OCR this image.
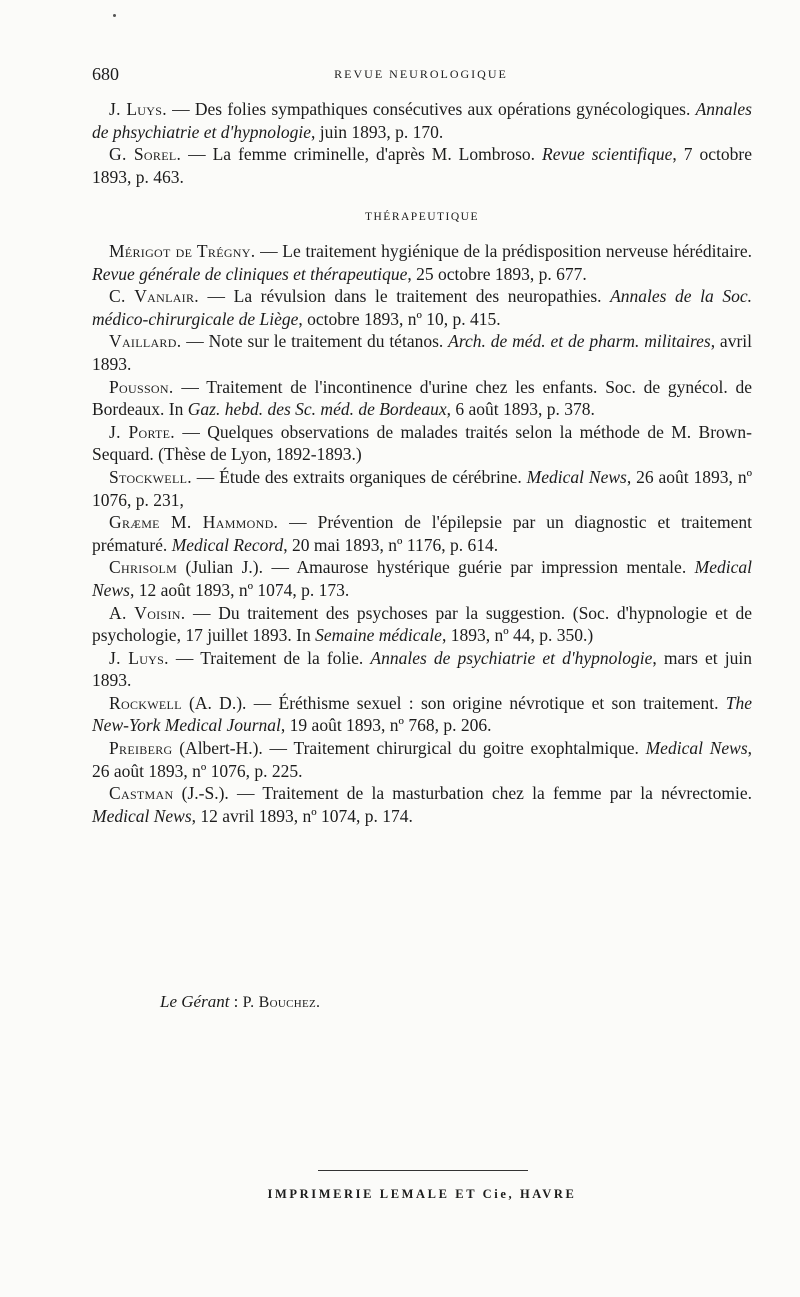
680	REVUE NEUROLOGIQUE

J. Luys. — Des folies sympathiques consécutives aux opérations gynécologiques. Annales de phsychiatrie et d'hypnologie, juin 1893, p. 170.

G. Sorel. — La femme criminelle, d'après M. Lombroso. Revue scientifique, 7 octobre 1893, p. 463.

THÉRAPEUTIQUE

Mérigot de Trégny. — Le traitement hygiénique de la prédisposition nerveuse héréditaire. Revue générale de cliniques et thérapeutique, 25 octobre 1893, p. 677.

C. Vanlair. — La révulsion dans le traitement des neuropathies. Annales de la Soc. médico-chirurgicale de Liège, octobre 1893, nº 10, p. 415.

Vaillard. — Note sur le traitement du tétanos. Arch. de méd. et de pharm. militaires, avril 1893.

Pousson. — Traitement de l'incontinence d'urine chez les enfants. Soc. de gynécol. de Bordeaux. In Gaz. hebd. des Sc. méd. de Bordeaux, 6 août 1893, p. 378.

J. Porte. — Quelques observations de malades traités selon la méthode de M. Brown-Sequard. (Thèse de Lyon, 1892-1893.)

Stockwell. — Étude des extraits organiques de cérébrine. Medical News, 26 août 1893, nº 1076, p. 231,

Græme M. Hammond. — Prévention de l'épilepsie par un diagnostic et traitement prématuré. Medical Record, 20 mai 1893, nº 1176, p. 614.

Chrisolm (Julian J.). — Amaurose hystérique guérie par impression mentale. Medical News, 12 août 1893, nº 1074, p. 173.

A. Voisin. — Du traitement des psychoses par la suggestion. (Soc. d'hypnologie et de psychologie, 17 juillet 1893. In Semaine médicale, 1893, nº 44, p. 350.)

J. Luys. — Traitement de la folie. Annales de psychiatrie et d'hypnologie, mars et juin 1893.

Rockwell (A. D.). — Éréthisme sexuel : son origine névrotique et son traitement. The New-York Medical Journal, 19 août 1893, nº 768, p. 206.

Preiberg (Albert-H.). — Traitement chirurgical du goitre exophtalmique. Medical News, 26 août 1893, nº 1076, p. 225.

Castman (J.-S.). — Traitement de la masturbation chez la femme par la névrectomie. Medical News, 12 avril 1893, nº 1074, p. 174.

Le Gérant : P. Bouchez.
IMPRIMERIE LEMALE ET Cie, HAVRE
